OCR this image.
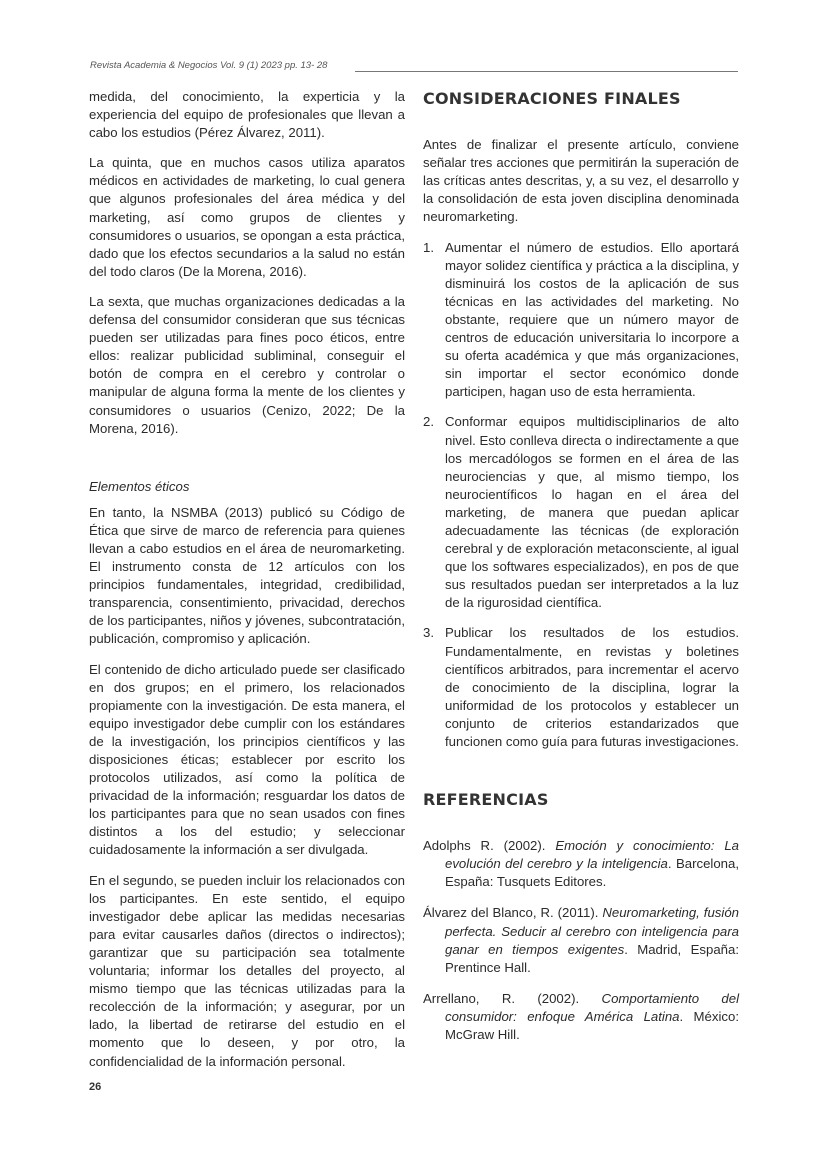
Revista Academia & Negocios Vol. 9 (1) 2023 pp. 13- 28

medida, del conocimiento, la experticia y la experiencia del equipo de profesionales que llevan a cabo los estudios (Pérez Álvarez, 2011).

La quinta, que en muchos casos utiliza aparatos médicos en actividades de marketing, lo cual genera que algunos profesionales del área médica y del marketing, así como grupos de clientes y consumidores o usuarios, se opongan a esta práctica, dado que los efectos secundarios a la salud no están del todo claros (De la Morena, 2016).

La sexta, que muchas organizaciones dedicadas a la defensa del consumidor consideran que sus técnicas pueden ser utilizadas para fines poco éticos, entre ellos: realizar publicidad subliminal, conseguir el botón de compra en el cerebro y controlar o manipular de alguna forma la mente de los clientes y consumidores o usuarios (Cenizo, 2022; De la Morena, 2016).

Elementos éticos

En tanto, la NSMBA (2013) publicó su Código de Ética que sirve de marco de referencia para quienes llevan a cabo estudios en el área de neuromarketing. El instrumento consta de 12 artículos con los principios fundamentales, integridad, credibilidad, transparencia, consentimiento, privacidad, derechos de los participantes, niños y jóvenes, subcontratación, publicación, compromiso y aplicación.

El contenido de dicho articulado puede ser clasificado en dos grupos; en el primero, los relacionados propiamente con la investigación. De esta manera, el equipo investigador debe cumplir con los estándares de la investigación, los principios científicos y las disposiciones éticas; establecer por escrito los protocolos utilizados, así como la política de privacidad de la información; resguardar los datos de los participantes para que no sean usados con fines distintos a los del estudio; y seleccionar cuidadosamente la información a ser divulgada.

En el segundo, se pueden incluir los relacionados con los participantes. En este sentido, el equipo investigador debe aplicar las medidas necesarias para evitar causarles daños (directos o indirectos); garantizar que su participación sea totalmente voluntaria; informar los detalles del proyecto, al mismo tiempo que las técnicas utilizadas para la recolección de la información; y asegurar, por un lado, la libertad de retirarse del estudio en el momento que lo deseen, y por otro, la confidencialidad de la información personal.

CONSIDERACIONES FINALES

Antes de finalizar el presente artículo, conviene señalar tres acciones que permitirán la superación de las críticas antes descritas, y, a su vez, el desarrollo y la consolidación de esta joven disciplina denominada neuromarketing.

1. Aumentar el número de estudios. Ello aportará mayor solidez científica y práctica a la disciplina, y disminuirá los costos de la aplicación de sus técnicas en las actividades del marketing. No obstante, requiere que un número mayor de centros de educación universitaria lo incorpore a su oferta académica y que más organizaciones, sin importar el sector económico donde participen, hagan uso de esta herramienta.
2. Conformar equipos multidisciplinarios de alto nivel. Esto conlleva directa o indirectamente a que los mercadólogos se formen en el área de las neurociencias y que, al mismo tiempo, los neurocientíficos lo hagan en el área del marketing, de manera que puedan aplicar adecuadamente las técnicas (de exploración cerebral y de exploración metaconsciente, al igual que los softwares especializados), en pos de que sus resultados puedan ser interpretados a la luz de la rigurosidad científica.
3. Publicar los resultados de los estudios. Fundamentalmente, en revistas y boletines científicos arbitrados, para incrementar el acervo de conocimiento de la disciplina, lograr la uniformidad de los protocolos y establecer un conjunto de criterios estandarizados que funcionen como guía para futuras investigaciones.
REFERENCIAS

Adolphs R. (2002). Emoción y conocimiento: La evolución del cerebro y la inteligencia. Barcelona, España: Tusquets Editores.

Álvarez del Blanco, R. (2011). Neuromarketing, fusión perfecta. Seducir al cerebro con inteligencia para ganar en tiempos exigentes. Madrid, España: Prentince Hall.

Arrellano, R. (2002). Comportamiento del consumidor: enfoque América Latina. México: McGraw Hill.

26
